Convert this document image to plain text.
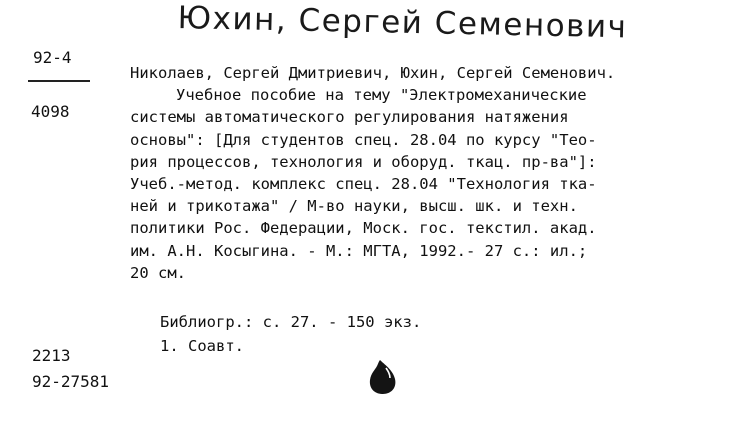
Юхин, Сергей Семенович
92-4
4098
Николаев, Сергей Дмитриевич, Юхин, Сергей Семенович.
Учебное пособие на тему "Электромеханические
системы автоматического регулирования натяжения
основы": [Для студентов спец. 28.04 по курсу "Тео-
рия процессов, технология и оборуд. ткац. пр-ва"]:
Учеб.-метод. комплекс спец. 28.04 "Технология тка-
ней и трикотажа" / М-во науки, высш. шк. и техн.
политики Рос. Федерации, Моск. гос. текстил. акад.
им. А.Н. Косыгина. - М.: МГТА, 1992.- 27 с.: ил.;
20 см.
Библиогр.: с. 27. - 150 экз.
1. Соавт.
2213
92-27581
